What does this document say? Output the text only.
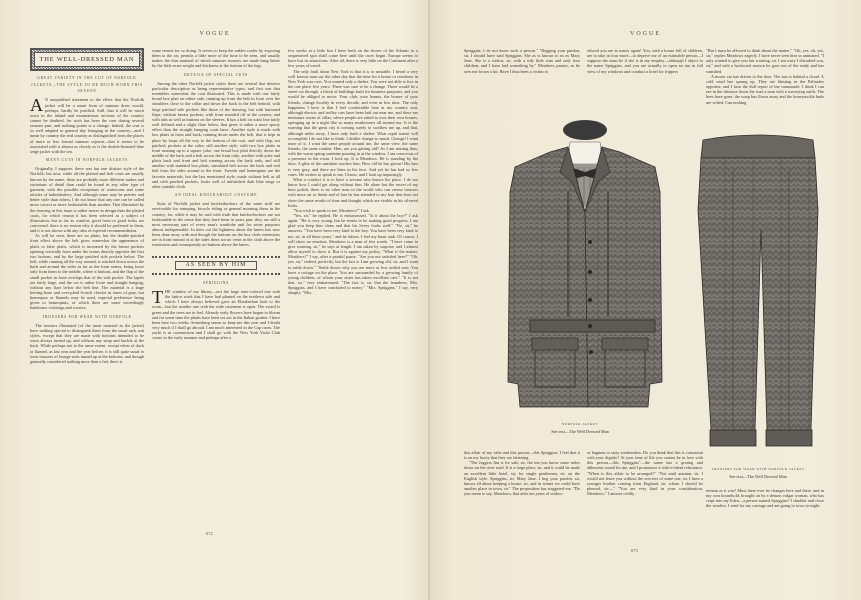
VOGUE
THE WELL-DRESSED MAN
GREAT VARIETY IN THE CUT OF NORFOLK JACKETS—THE STYLE TO BE MUCH WORN THIS SEASON

A N unqualified statement to the effect that the Norfolk jacket will be a smart form of summer dress would, perhaps, hardly be justified. Still, that it will be much worn in the inland and mountainous sections of the country cannot be doubted, for such has been the case during several seasons past, and nothing points to a change. Indeed, the coat is so well adapted to general day lounging in the country—and I mean by country the real country as distinguished from the places of more or less formal summer sojourn—that it seems to be associated with it almost as closely as is the double-breasted blue serge jacket with the sea.

MANY CUTS IN NORFOLK JACKETS

Originally, I suppose, there was but one distinct style of the Norfolk; but now, while all the plaited and belt coats are usually known by the name, there are probably more different makes and variations of detail than could be found in any other type of garment, with the possible exceptions of waistcoats and some articles of haberdashery. And although some may be prettier and better style than others, I do not know that any one can be called more correct or more fashionable than another. That illustrated by the drawing in this issue is rather newer in design than the plaited coats, for which reason it has been selected as a subject of illustration; but so far as comfort, good form or good looks are concerned, there is no reason why it should be preferred to them, and it is not shown with any idea of especial recommendation.

As will be seen, there are no plaits, but the double-patched front effect above the belt gives somewhat the appearance of plaits or false plaits, which is increased by the breast pockets opening vertically from under the seams directly opposite the first two buttons, and by the large patched side pockets below. The belt, while running all the way around, is stitched down across the back and around the sides as far as the front seams, being loose only from them to the middle, where it buttons, and the flap of the small pocket in front overlaps that of the side pocket. The lapels are fairly large, and the cut is rather loose and straight hanging, without any flare below the belt line. The material is a large herring-bone and over-plaid Scotch cheviot in tones of gray, but homespun or flannels may be used, especial preference being given to homespuns, of which there are some exceedingly handsome colorings and weaves.

TROUSERS FOR WEAR WITH NORFOLK

The trousers illustrated (of the same material as the jacket) have nothing special to distinguish them from the usual sack suit styles, except that they are made with bottoms intended to be worn always turned up, and without any strap and buckle at the back. While perhaps not to the same extent, except when of duck or flannel, as last year and the year before, it is still quite usual to wear trousers of lounge suits turned up at the bottoms, and though generally considered nothing more than a fad, there is

some reason for so doing. It serves to keep the ankles cooler by exposing them to the air, permits a little more of the hose to be seen, and usually makes the thin material of which summer trousers are made hang better by the little extra weight and thickness at the bottom of the legs.

DETAILS OF SPECIAL CUTS

Among the other Norfolk jacket styles there are several that deserve particular description as being representative types, and first one that resembles somewhat the coat illustrated. This is made with one fairly broad box plait on either side, running up from the belt in front over the shoulders close to the collar and down the back to the belt behind, with large patched side pockets like those of the drawing, but with buttoned flaps; without breast pockets; with front rounded off at the corners, and with tabs as well as buttons on the sleeves. It has a belt on waist line fairly well defined and a slight flare below, that gives it rather a more sporty effect than the straight hanging coats have. Another style is made with box plaits in front and back, running down under the belt, that is kept in place by loops all the way to the bottom of the coat, and with flap, not patched, pockets at the sides; still another style, with two box plaits in front running up to a square yoke, one broad box plait directly down the middle of the back and a belt across the front only; another with yoke and plaits back and front and belt running across the back only, and still another with standard box plaits, simulated belt across the back and real belt from the sides around to the front. Tweeds and homespuns are the favorite materials, but the last mentioned style, made without belt at all and with patched pockets, looks well of unfinished dark blue serge or other suitable cloth.

AN IDEAL KNOCKABOUT COSTUME

Suits of Norfolk jacket and knickerbockers of the same stuff are serviceable for tramping, bicycle riding or general morning dress in the country, for, while it may be said with truth that knickerbockers are not fashionable in the sense that they have been in years past, they are still a most necessary part of every man's wardrobe and for some purposes almost indispensable. In their cut the lightness about the knees has now been done away with and though the buttons on the box cloth extensions are in front instead of at the sides there are no vents in the cloth above the extensions and consequently no buttons above the knees.

AS SEEN BY HIM
SPRIGGINS

THE window of my library—not the large tone-colored one with the lattice work that I have had planted on the northern side and which I have always believed gave an Elizabethan look to the room—but the smaller one with the wide casement is open. The sward is green and the trees are in leaf. Already early flowers have begun to bloom and for some time the plants have been set out in the Italian garden. I have been here two weeks. Something seems to keep me this year and I doubt very much if I shall go abroad. I am much interested in the Cup races. The yacht is in commission and I shall go with the New York Yacht Club cruise in the early summer and perhaps after a

few weeks at a little box I have built on the shores of the Atlantic in a sequestered spot shall come here until the races begin. Europe seems to have lost its attractions. After all, there is very little on the Continent after a few years of travel.

The only fault about New York is that it is so unstable. I heard a very well known man say the other day that the time for a house or residence in New York was over. You wanted only a shelter. You were not able to live in the one place five years. There was sure to be a change. There would be a street cut through, a block of buildings built for business purposes, and you would be obliged to move. Your club, your haunts, the homes of your friends, change locality in every decade, and even in less time. The only happiness I have is that I feel comfortable here at my country seat, although electric and trolley cars have been laid out near me, and there are miniature towns of villas, where people are asked to own their own houses, springing up in a night like so many mushrooms all around me. It is the warning that the great city is coming surely to swallow me up, and that, although miles away, I have only built a shelter. What rapid transit will accomplish I do not like to think. I dislike change so much. Change! I want none of it. I want the same people around me, the same view, the same friends, the same routine. Him, are you getting old? As I am musing thus, with the warm spring sunshine pouring in at the window, I am conscious of a presence in the room. I look up. It is Meadows. He is standing by the door. A glint of the sunshine touches him. How old he has grown! His hair is very gray, and there are lines in his face. And yet he has had so few cares. He wishes to speak to me, I know, and I look up inquiringly.

What a comfort it is to have a servant who knows his place. I do not know how I could get along without him. He alone has the secret of my boot polish, there is no other man in the world who can crease trousers with more art or finish and of late he has attended to my hair that does not show the same results of time and thought which are visible in his silvered locks.

"You wish to speak to me, Meadows?" I ask.

"Yes, sir," he replied. He is embarrassed. "Is it about the boy?" I ask again. "He is very young, but he seems to be making good progress. I am glad you keep him clean and that his livery looks well." "No, sir," he answers. "You have been very kind to the boy. You have been very kind to me, sir, in all these years," and he falters. I feel my heart sink. Of course, I will show no emotion. Meadows is a man of few words. "I have come to give warning, sir," he says at length. I am taken by surprise, and I almost allow myself to show it. But it is against my policy. "What is the matter, Meadows?" I say, after a painful pause. "Are you not satisfied here?" "Oh, yes, sir," indeed, perfectly, but the fact is I am growing old, sir, and I want to settle down." "Settle down; why you are more or less settled now. You have a cottage on the place. You are surrounded by a growing family of young children, of whom your sister has taken excellent care." "It is not that, sir," very embarrassed. "The fact is, sir, that the laundress, Mrs. Spriggins, and I have concluded to marry." "Mrs. Spriggins," I say, very sharply. "Mrs.

672
VOGUE

Spriggins; I do not know such a person." "Begging your pardon, sir, I should have said Spriggins. She as is known to us as Mary Jane. She is a widow, sir, with a tidy little sum and only four children, and I have laid something by." Meadows pauses, as he sees me frown a bit. Have I thus been a victim to

erhood you are to marry again! You, with a house full of children, are to take in four more—to deprive me of an estimable person—I suppose she must be if she is in my employ—although I object to the name Spriggins, and you are actually to open an inn in full view of my windows and conduct a hotel for trippers

"But I must be allowed to think about the matter." "Oh, yes; oh, yes, sir," replies Meadows eagerly. I have never seen him so animated. "I only wanted to give you fair warning, sir. I am sorry I disturbed you, sir," and with a backward motion he goes out of the study and has vanished.

A motor car has driven to the door. The sun is behind a cloud. A cold wind has sprung up. They are blasting in the Palisades opposite, and I hear the dull report of the cannonade. I think I can see in the distance down the road a man with a surveying outfit. The bees have gone, the wasp has flown away and the honeysuckle buds are wilted. Can nothing

NORFOLK JACKET
See text—The Well Dressed Man
TROUSERS FOR WEAR WITH NORFOLK JACKET
See text—The Well Dressed Man

this affair of my valet and this person—this Spriggins. I feel that it is on my booty that they are fattening.

"The Jaggers Inn is for sale, sir, the inn you know some miles down on the river road. It is a large place, sir, and it could be made an excellent little hotel, sir, for single gentlemen, sir, on the English style. Spriggins, sir, Mary Jane, I beg your pardon, sir, knows all about keeping a house, sir, and in winter we could have another place in town, sir." The proposition has staggered me. "Do you mean to say, Meadows, that after ten years of widow-

or bagmen or stray weekenders. Do you think that this is consistent with your dignity? At your time of life you cannot be in love with this person—this Spriggins"—the name has a grating and abhorrent sound for me, and I pronounce it with evident reluctance. "When is this affair to be arranged?" "Not until autumn, sir. I would not leave you without the services of some one, sir. I have a younger brother coming from England, sir, whom I should be pleased, sir—" "You are very kind in your consideration, Meadows," I answer coldly.

remain as it was? Must there ever be changes here and there, and in my own household, brought on by a demon vulgar woman, who has crept into my Eden—a person named Spriggins? I shudder and close the window. I send for my carriage and am going to town to-night.

673
